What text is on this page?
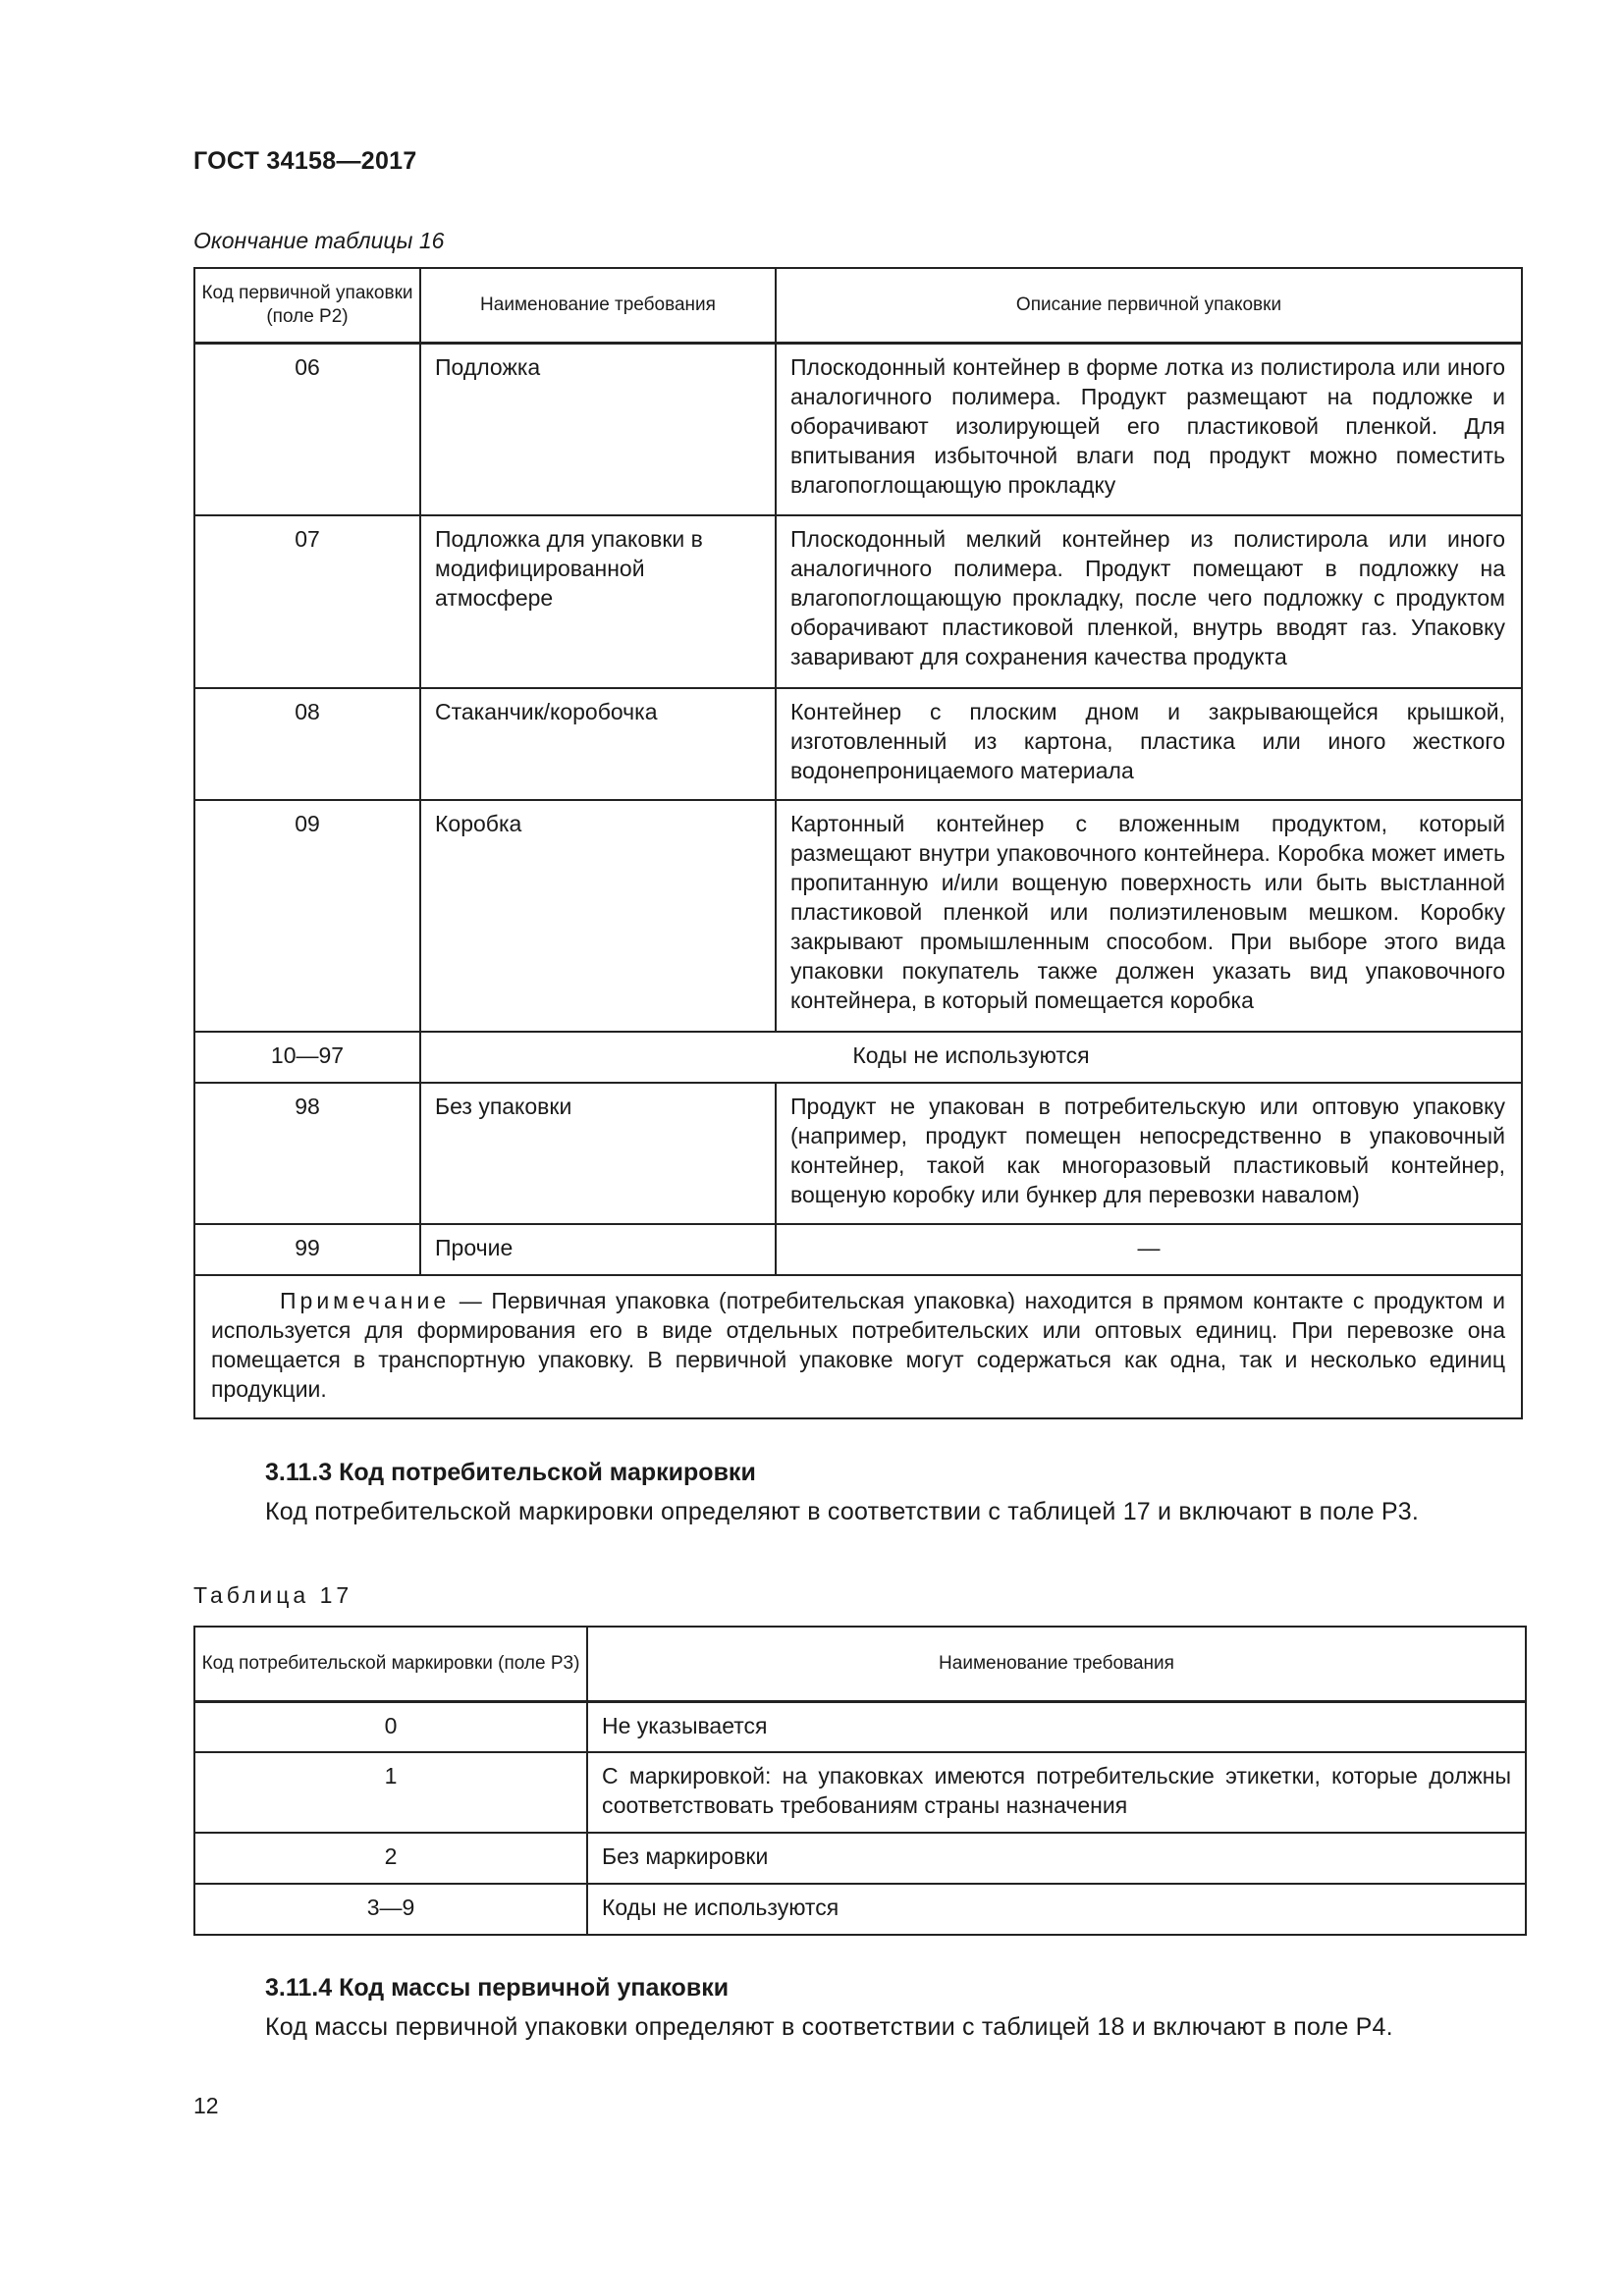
ГОСТ 34158—2017
Окончание таблицы 16
Код первичной упаковки (поле Р2)	Наименование требования	Описание первичной упаковки
06	Подложка	Плоскодонный контейнер в форме лотка из полистирола или иного аналогичного полимера. Продукт размещают на подложке и оборачивают изолирующей его пластиковой пленкой. Для впитывания избыточной влаги под продукт можно поместить влагопоглощающую прокладку
07	Подложка для упаковки в модифицированной атмосфере	Плоскодонный мелкий контейнер из полистирола или иного аналогичного полимера. Продукт помещают в подложку на влагопоглощающую прокладку, после чего подложку с продуктом оборачивают пластиковой пленкой, внутрь вводят газ. Упаковку заваривают для сохранения качества продукта
08	Стаканчик/коробочка	Контейнер с плоским дном и закрывающейся крышкой, изготовленный из картона, пластика или иного жесткого водонепроницаемого материала
09	Коробка	Картонный контейнер с вложенным продуктом, который размещают внутри упаковочного контейнера. Коробка может иметь пропитанную и/или вощеную поверхность или быть выстланной пластиковой пленкой или полиэтиленовым мешком. Коробку закрывают промышленным способом. При выборе этого вида упаковки покупатель также должен указать вид упаковочного контейнера, в который помещается коробка
10—97	Коды не используются	
98	Без упаковки	Продукт не упакован в потребительскую или оптовую упаковку (например, продукт помещен непосредственно в упаковочный контейнер, такой как многоразовый пластиковый контейнер, вощеную коробку или бункер для перевозки навалом)
99	Прочие	—
Примечание — Первичная упаковка (потребительская упаковка) находится в прямом контакте с продуктом и используется для формирования его в виде отдельных потребительских или оптовых единиц. При перевозке она помещается в транспортную упаковку. В первичной упаковке могут содержаться как одна, так и несколько единиц продукции.		
3.11.3 Код потребительской маркировки
Код потребительской маркировки определяют в соответствии с таблицей 17 и включают в поле Р3.
Таблица 17
Код потребительской маркировки (поле Р3)	Наименование требования
0	Не указывается
1	С маркировкой: на упаковках имеются потребительские этикетки, которые должны соответствовать требованиям страны назначения
2	Без маркировки
3—9	Коды не используются
3.11.4 Код массы первичной упаковки
Код массы первичной упаковки определяют в соответствии с таблицей 18 и включают в поле Р4.
12
